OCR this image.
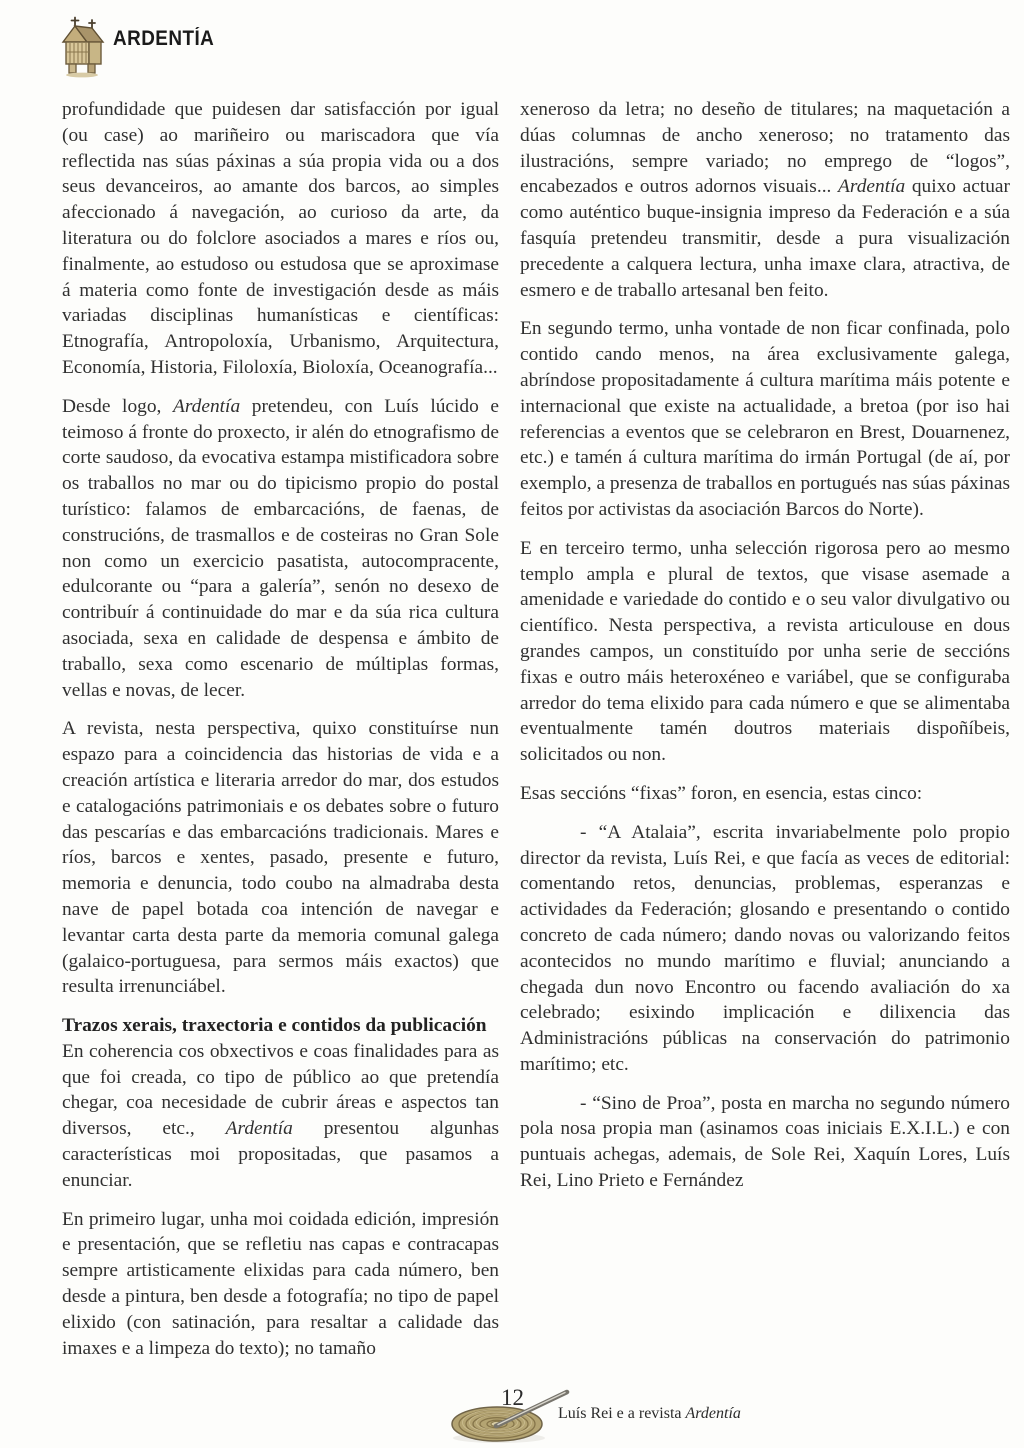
ARDENTÍA

profundidade que puidesen dar satisfacción por igual (ou case) ao mariñeiro ou mariscadora que vía reflectida nas súas páxinas a súa propia vida ou a dos seus devanceiros, ao amante dos barcos, ao simples afeccionado á navegación, ao curioso da arte, da literatura ou do folclore asociados a mares e ríos ou, finalmente, ao estudoso ou estudosa que se aproximase á materia como fonte de investigación desde as máis variadas disciplinas humanísticas e científicas: Etnografía, Antropoloxía, Urbanismo, Arquitectura, Economía, Historia, Filoloxía, Bioloxía, Oceanografía...

Desde logo, Ardentía pretendeu, con Luís lúcido e teimoso á fronte do proxecto, ir alén do etnografismo de corte saudoso, da evocativa estampa mistificadora sobre os traballos no mar ou do tipicismo propio do postal turístico: falamos de embarcacións, de faenas, de construcións, de trasmallos e de costeiras no Gran Sole non como un exercicio pasatista, autocompracente, edulcorante ou “para a galería”, senón no desexo de contribuír á continuidade do mar e da súa rica cultura asociada, sexa en calidade de despensa e ámbito de traballo, sexa como escenario de múltiplas formas, vellas e novas, de lecer.

A revista, nesta perspectiva, quixo constituírse nun espazo para a coincidencia das historias de vida e a creación artística e literaria arredor do mar, dos estudos e catalogacións patrimoniais e os debates sobre o futuro das pescarías e das embarcacións tradicionais. Mares e ríos, barcos e xentes, pasado, presente e futuro, memoria e denuncia, todo coubo na almadraba desta nave de papel botada coa intención de navegar e levantar carta desta parte da memoria comunal galega (galaico-portuguesa, para sermos máis exactos) que resulta irrenunciábel.

Trazos xerais, traxectoria e contidos da publicación

En coherencia cos obxectivos e coas finalidades para as que foi creada, co tipo de público ao que pretendía chegar, coa necesidade de cubrir áreas e aspectos tan diversos, etc., Ardentía presentou algunhas características moi propositadas, que pasamos a enunciar.

En primeiro lugar, unha moi coidada edición, impresión e presentación, que se refletiu nas capas e contracapas sempre artisticamente elixidas para cada número, ben desde a pintura, ben desde a fotografía; no tipo de papel elixido (con satinación, para resaltar a calidade das imaxes e a limpeza do texto); no tamaño

xeneroso da letra; no deseño de titulares; na maquetación a dúas columnas de ancho xeneroso; no tratamento das ilustracións, sempre variado; no emprego de “logos”, encabezados e outros adornos visuais... Ardentía quixo actuar como auténtico buque-insignia impreso da Federación e a súa fasquía pretendeu transmitir, desde a pura visualización precedente a calquera lectura, unha imaxe clara, atractiva, de esmero e de traballo artesanal ben feito.

En segundo termo, unha vontade de non ficar confinada, polo contido cando menos, na área exclusivamente galega, abríndose propositadamente á cultura marítima máis potente e internacional que existe na actualidade, a bretoa (por iso hai referencias a eventos que se celebraron en Brest, Douarnenez, etc.) e tamén á cultura marítima do irmán Portugal (de aí, por exemplo, a presenza de traballos en portugués nas súas páxinas feitos por activistas da asociación Barcos do Norte).

E en terceiro termo, unha selección rigorosa pero ao mesmo templo ampla e plural de textos, que visase asemade a amenidade e variedade do contido e o seu valor divulgativo ou científico. Nesta perspectiva, a revista articulouse en dous grandes campos, un constituído por unha serie de seccións fixas e outro máis heteroxéneo e variábel, que se configuraba arredor do tema elixido para cada número e que se alimentaba eventualmente tamén doutros materiais dispoñíbeis, solicitados ou non.

Esas seccións “fixas” foron, en esencia, estas cinco:

- “A Atalaia”, escrita invariabelmente polo propio director da revista, Luís Rei, e que facía as veces de editorial: comentando retos, denuncias, problemas, esperanzas e actividades da Federación; glosando e presentando o contido concreto de cada número; dando novas ou valorizando feitos acontecidos no mundo marítimo e fluvial; anunciando a chegada dun novo Encontro ou facendo avaliación do xa celebrado; esixindo implicación e dilixencia das Administracións públicas na conservación do patrimonio marítimo; etc.

- “Sino de Proa”, posta en marcha no segundo número pola nosa propia man (asinamos coas iniciais E.X.I.L.) e con puntuais achegas, ademais, de Sole Rei, Xaquín Lores, Luís Rei, Lino Prieto e Fernández

12
Luís Rei e a revista Ardentía
